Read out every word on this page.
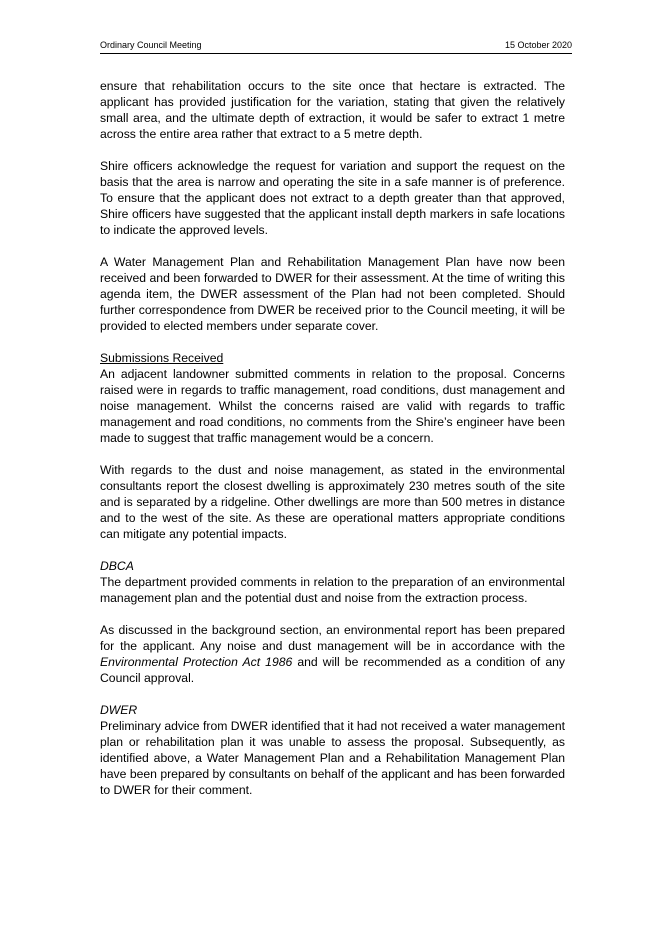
Ordinary Council Meeting	15 October 2020

ensure that rehabilitation occurs to the site once that hectare is extracted. The applicant has provided justification for the variation, stating that given the relatively small area, and the ultimate depth of extraction, it would be safer to extract 1 metre across the entire area rather that extract to a 5 metre depth.

Shire officers acknowledge the request for variation and support the request on the basis that the area is narrow and operating the site in a safe manner is of preference. To ensure that the applicant does not extract to a depth greater than that approved, Shire officers have suggested that the applicant install depth markers in safe locations to indicate the approved levels.

A Water Management Plan and Rehabilitation Management Plan have now been received and been forwarded to DWER for their assessment. At the time of writing this agenda item, the DWER assessment of the Plan had not been completed. Should further correspondence from DWER be received prior to the Council meeting, it will be provided to elected members under separate cover.

Submissions Received

An adjacent landowner submitted comments in relation to the proposal. Concerns raised were in regards to traffic management, road conditions, dust management and noise management. Whilst the concerns raised are valid with regards to traffic management and road conditions, no comments from the Shire’s engineer have been made to suggest that traffic management would be a concern.

With regards to the dust and noise management, as stated in the environmental consultants report the closest dwelling is approximately 230 metres south of the site and is separated by a ridgeline. Other dwellings are more than 500 metres in distance and to the west of the site. As these are operational matters appropriate conditions can mitigate any potential impacts.

DBCA

The department provided comments in relation to the preparation of an environmental management plan and the potential dust and noise from the extraction process.

As discussed in the background section, an environmental report has been prepared for the applicant. Any noise and dust management will be in accordance with the Environmental Protection Act 1986 and will be recommended as a condition of any Council approval.

DWER

Preliminary advice from DWER identified that it had not received a water management plan or rehabilitation plan it was unable to assess the proposal. Subsequently, as identified above, a Water Management Plan and a Rehabilitation Management Plan have been prepared by consultants on behalf of the applicant and has been forwarded to DWER for their comment.
